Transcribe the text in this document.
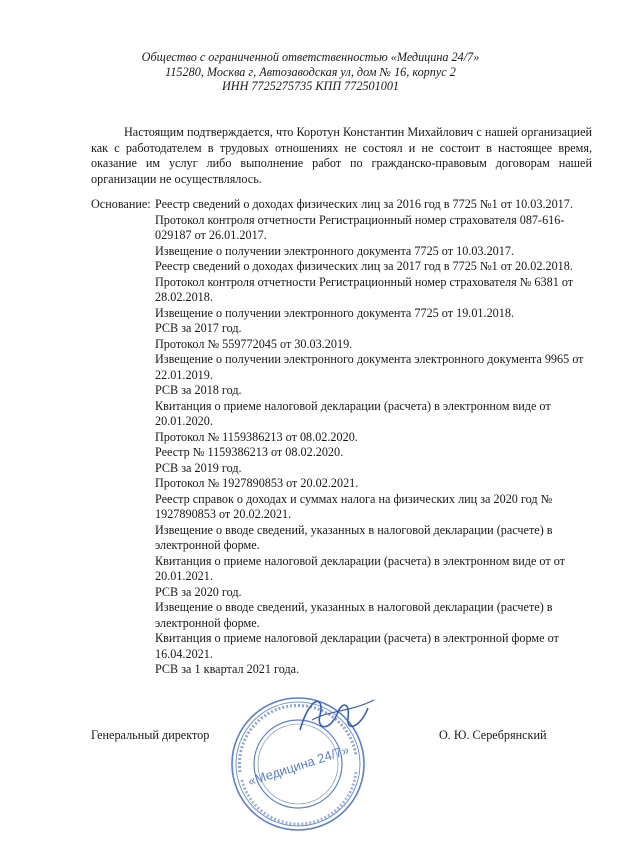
Общество с ограниченной ответственностью «Медицина 24/7»
115280, Москва г, Автозаводская ул, дом № 16, корпус 2
ИНН 7725275735 КПП 772501001

Настоящим подтверждается, что Коротун Константин Михайлович с нашей организацией как с работодателем в трудовых отношениях не состоял и не состоит в настоящее время, оказание им услуг либо выполнение работ по гражданско-правовым договорам нашей организации не осуществлялось.

Основание: Реестр сведений о доходах физических лиц за 2016 год в 7725 №1 от 10.03.2017.
Протокол контроля отчетности Регистрационный номер страхователя 087-616-029187 от 26.01.2017.
Извещение о получении электронного документа 7725 от 10.03.2017.
Реестр сведений о доходах физических лиц за 2017 год в 7725 №1 от 20.02.2018.
Протокол контроля отчетности Регистрационный номер страхователя № 6381 от 28.02.2018.
Извещение о получении электронного документа 7725 от 19.01.2018.
РСВ за 2017 год.
Протокол № 559772045 от 30.03.2019.
Извещение о получении электронного документа электронного документа 9965 от 22.01.2019.
РСВ за 2018 год.
Квитанция о приеме налоговой декларации (расчета) в электронном виде от 20.01.2020.
Протокол № 1159386213 от 08.02.2020.
Реестр № 1159386213 от 08.02.2020.
РСВ за 2019 год.
Протокол № 1927890853 от 20.02.2021.
Реестр справок о доходах и суммах налога на физических лиц за 2020 год № 1927890853 от 20.02.2021.
Извещение о вводе сведений, указанных в налоговой декларации (расчете) в электронной форме.
Квитанция о приеме налоговой декларации (расчета) в электронном виде от от 20.01.2021.
РСВ за 2020 год.
Извещение о вводе сведений, указанных в налоговой декларации (расчете) в электронной форме.
Квитанция о приеме налоговой декларации (расчета) в электронной форме от 16.04.2021.
РСВ за 1 квартал 2021 года.
Генеральный директор
«Медицина 24/7»
О. Ю. Серебрянский
